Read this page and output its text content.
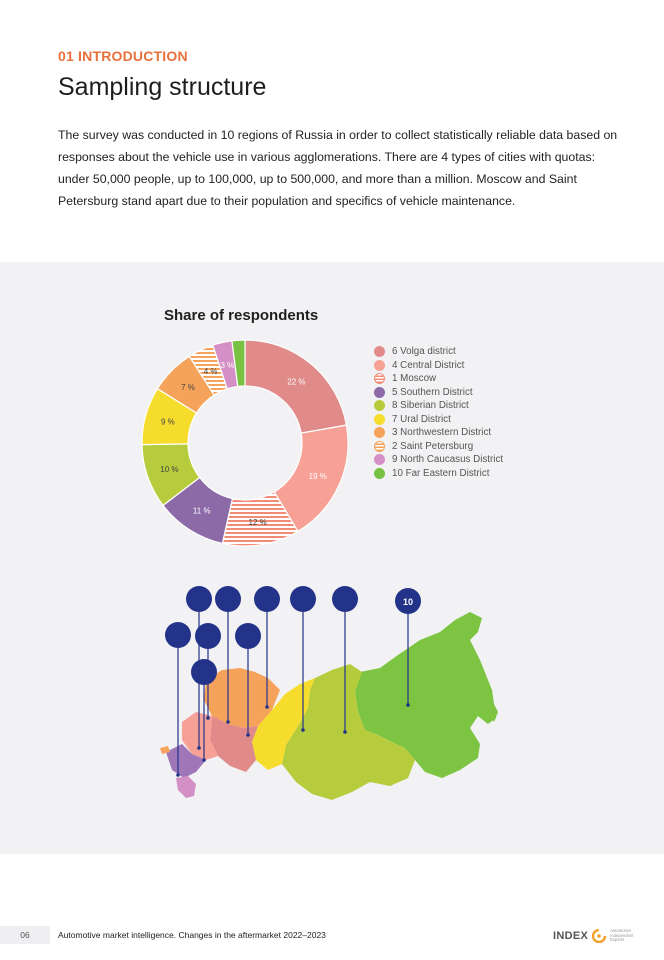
01 INTRODUCTION
Sampling structure

The survey was conducted in 10 regions of Russia in order to collect statistically reliable data based on responses about the vehicle use in various agglomerations. There are 4 types of cities with quotas: under 50,000 people, up to 100,000, up to 500,000, and more than a million. Moscow and Saint Petersburg stand apart due to their population and specifics of vehicle maintenance.

Share of respondents
22 %
19 %
12 %
11 %
10 %
9 %
7 %
4 %
3 %
6 Volga district
4 Central District
1 Moscow
5 Southern District
8 Siberian District
7 Ural District
3 Northwestern District
2 Saint Petersburg
9 North Caucasus District
10 Far Eastern District
10
06	Automotive market intelligence. Changes in the aftermarket 2022–2023	INDEX	Automotive Independent Experts
